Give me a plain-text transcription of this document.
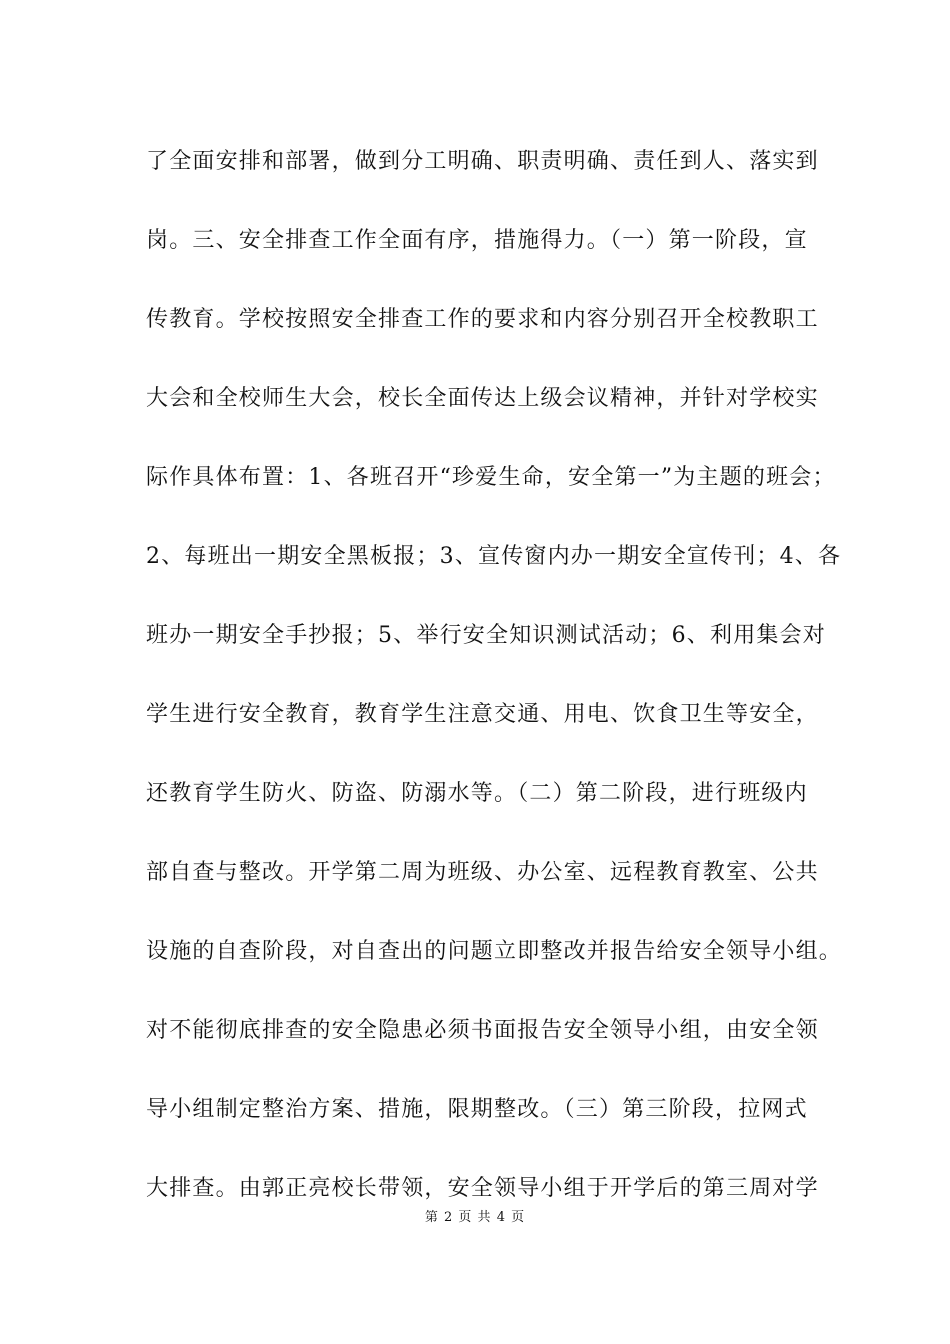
了全面安排和部署，做到分工明确、职责明确、责任到人、落实到
岗。三、安全排查工作全面有序，措施得力。（一）第一阶段，宣
传教育。学校按照安全排查工作的要求和内容分别召开全校教职工
大会和全校师生大会，校长全面传达上级会议精神，并针对学校实
际作具体布置：1、各班召开“珍爱生命，安全第一”为主题的班会；
2、每班出一期安全黑板报；3、宣传窗内办一期安全宣传刊；4、各
班办一期安全手抄报；5、举行安全知识测试活动；6、利用集会对
学生进行安全教育，教育学生注意交通、用电、饮食卫生等安全，
还教育学生防火、防盗、防溺水等。（二）第二阶段，进行班级内
部自查与整改。开学第二周为班级、办公室、远程教育教室、公共
设施的自查阶段，对自查出的问题立即整改并报告给安全领导小组。
对不能彻底排查的安全隐患必须书面报告安全领导小组，由安全领
导小组制定整治方案、措施，限期整改。（三）第三阶段，拉网式
大排查。由郭正亮校长带领，安全领导小组于开学后的第三周对学
第 2 页 共 4 页
